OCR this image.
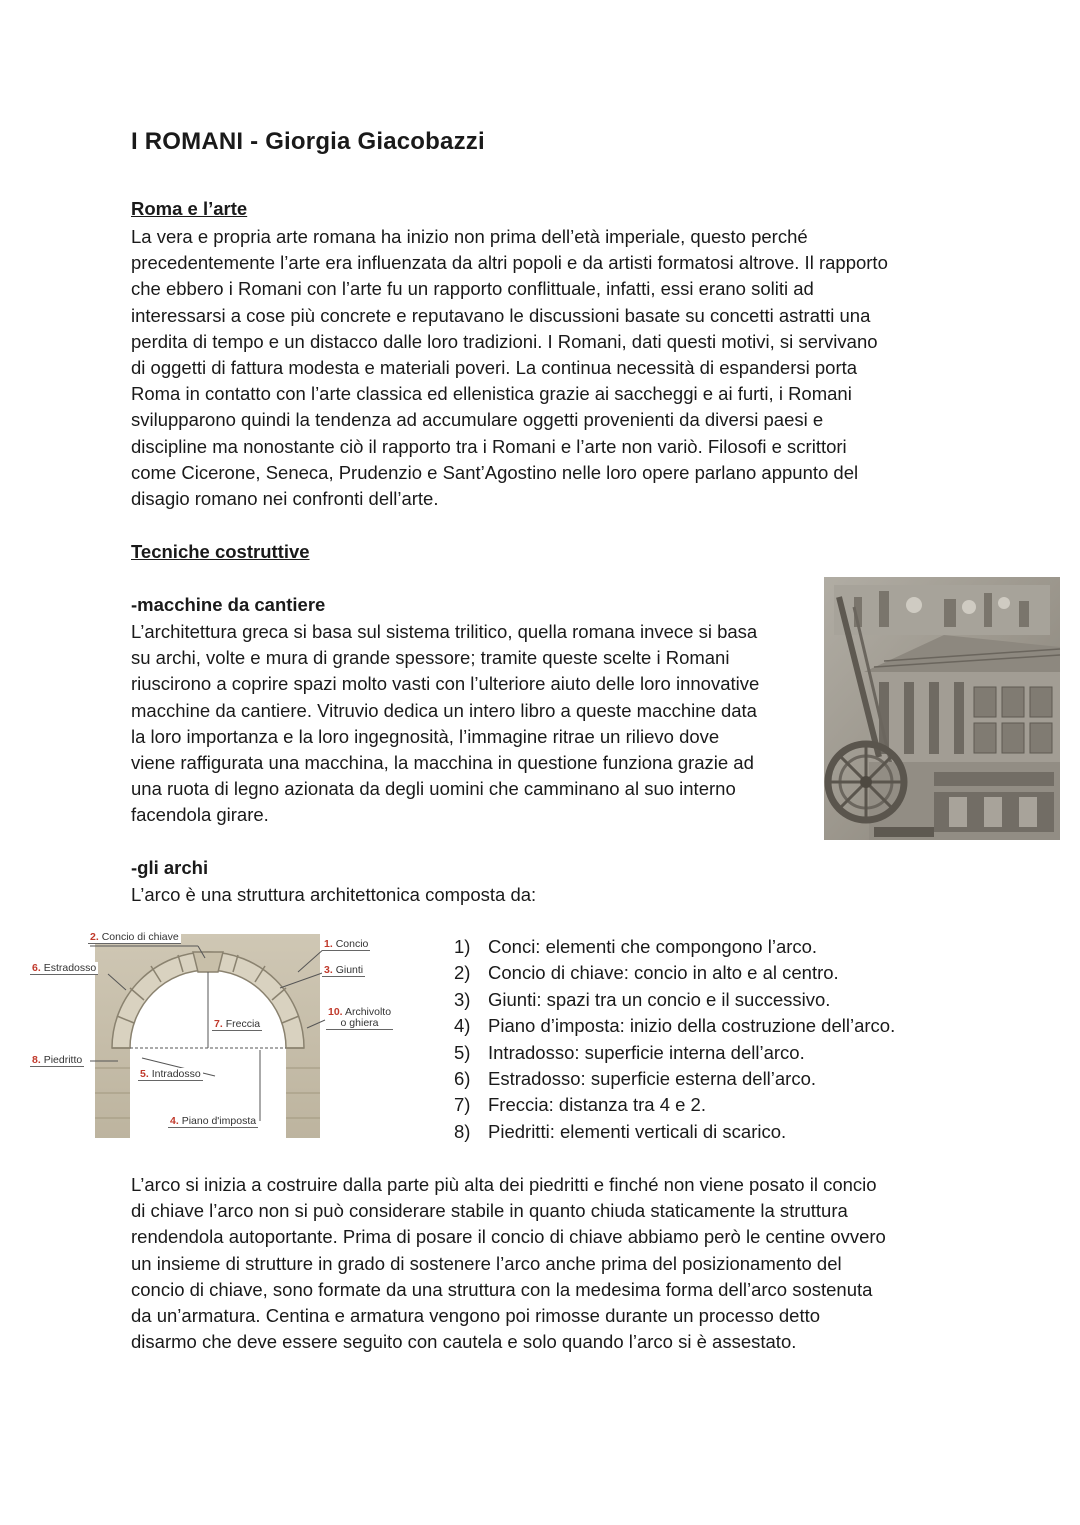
I ROMANI - Giorgia Giacobazzi
Roma e l’arte

La vera e propria arte romana ha inizio non prima dell’età imperiale, questo perché
precedentemente l’arte era influenzata da altri popoli e da artisti formatosi altrove. Il rapporto
che ebbero i Romani con l’arte fu un rapporto conflittuale, infatti, essi erano soliti ad
interessarsi a cose più concrete e reputavano le discussioni basate su concetti astratti una
perdita di tempo e un distacco dalle loro tradizioni. I Romani, dati questi motivi, si servivano
di oggetti di fattura modesta e materiali poveri. La continua necessità di espandersi porta
Roma in contatto con l’arte classica ed ellenistica grazie ai saccheggi e ai furti, i Romani
svilupparono quindi la tendenza ad accumulare oggetti provenienti da diversi paesi e
discipline ma nonostante ciò il rapporto tra i Romani e l’arte non variò. Filosofi e scrittori
come Cicerone, Seneca, Prudenzio e Sant’Agostino nelle loro opere parlano appunto del
disagio romano nei confronti dell’arte.

Tecniche costruttive
-macchine da cantiere

L’architettura greca si basa sul sistema trilitico, quella romana invece si basa
su archi, volte e mura di grande spessore; tramite queste scelte i Romani
riuscirono a coprire spazi molto vasti con l’ulteriore aiuto delle loro innovative
macchine da cantiere. Vitruvio dedica un intero libro a queste macchine data
la loro importanza e la loro ingegnosità, l’immagine ritrae un rilievo dove
viene raffigurata una macchina, la macchina in questione funziona grazie ad
una ruota di legno azionata da degli uomini che camminano al suo interno
facendola girare.

-gli archi

L’arco è una struttura architettonica composta da:

2. Concio di chiave
6. Estradosso
8. Piedritto
5. Intradosso
4. Piano d'imposta
7. Freccia
1. Concio
3. Giunti
10. Archivolto
o ghiera
1) Conci: elementi che compongono l’arco.
2) Concio di chiave: concio in alto e al centro.
3) Giunti: spazi tra un concio e il successivo.
4) Piano d’imposta: inizio della costruzione dell’arco.
5) Intradosso: superficie interna dell’arco.
6) Estradosso: superficie esterna dell’arco.
7) Freccia: distanza tra 4 e 2.
8) Piedritti: elementi verticali di scarico.

L’arco si inizia a costruire dalla parte più alta dei piedritti e finché non viene posato il concio
di chiave l’arco non si può considerare stabile in quanto chiuda staticamente la struttura
rendendola autoportante. Prima di posare il concio di chiave abbiamo però le centine ovvero
un insieme di strutture in grado di sostenere l’arco anche prima del posizionamento del
concio di chiave, sono formate da una struttura con la medesima forma dell’arco sostenuta
da un’armatura. Centina e armatura vengono poi rimosse durante un processo detto
disarmo che deve essere seguito con cautela e solo quando l’arco si è assestato.
